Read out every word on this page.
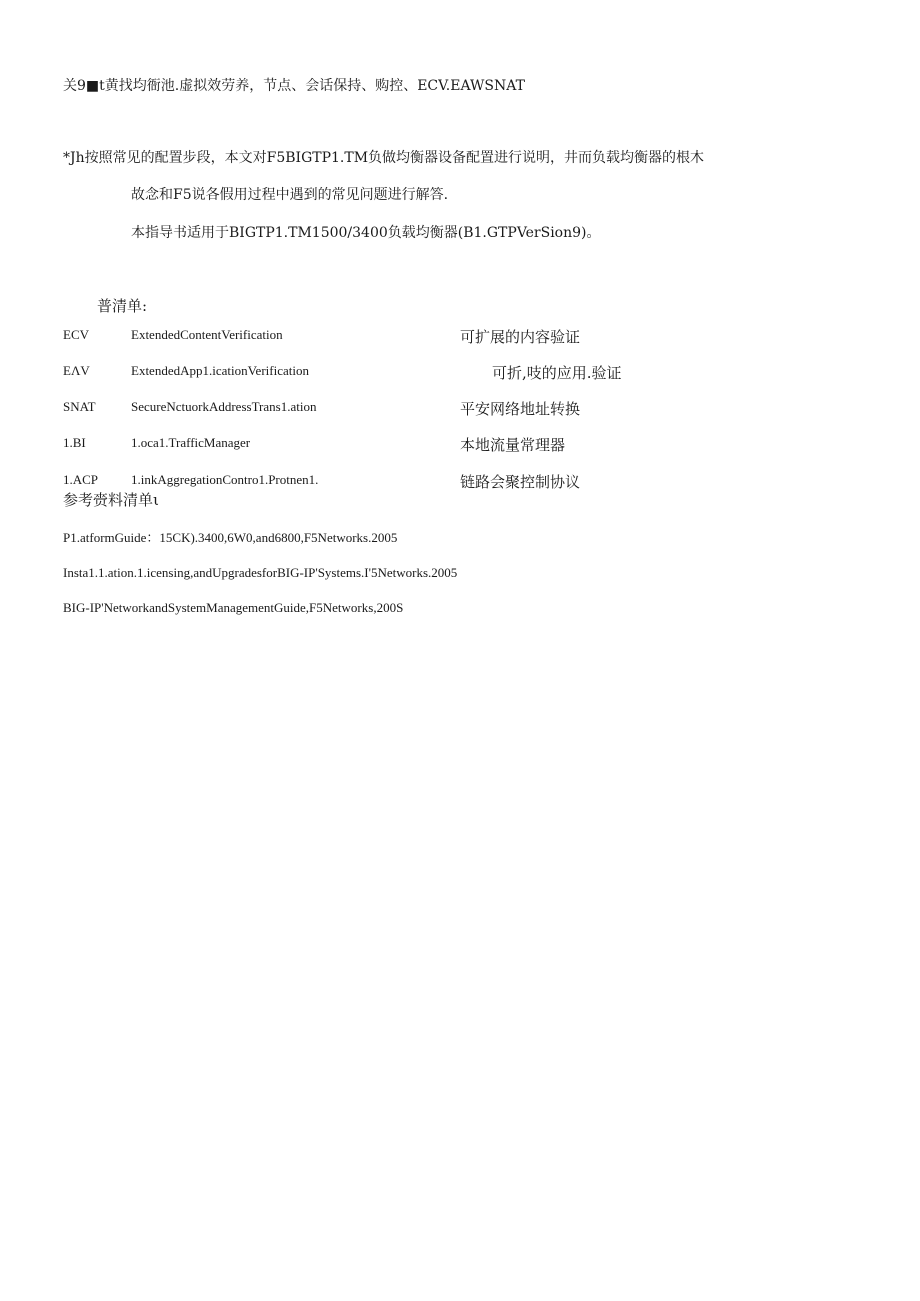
关9■t黄找均衙池.虚拟效劳养，节点、会话保持、购控、ECV.EAWSNAT
*Jh按照常见的配置步段，本文对F5BIGTP1.TM负做均衡器设备配置进行说明，井而负载均衡器的根木
故念和F5说各假用过程中遇到的常见问题进行解答.
本指导书适用于BIGTP1.TM1500/3400负载均衡器(B1.GTPVerSion9)。
普清单:
ECV	ExtendedContentVerification	可扩展的内容验证
EΛV	ExtendedApp1.icationVerification	可折,吱的应用.验证
SNAT	SecureNctuorkAddressTrans1.ation	平安网络地址转换
1.BI	1.oca1.TrafficManager	本地流量常理器
1.ACP	1.inkAggregationContro1.Protnen1.	链路会聚控制协议
参考赍料清单ι
P1.atformGuide：15CK).3400,6W0,and6800,F5Networks.2005
Insta1.1.ation.1.icensing,andUpgradesforBIG-IP'Systems.I'5Networks.2005
BIG-IP'NetworkandSystemManagementGuide,F5Networks,200S
